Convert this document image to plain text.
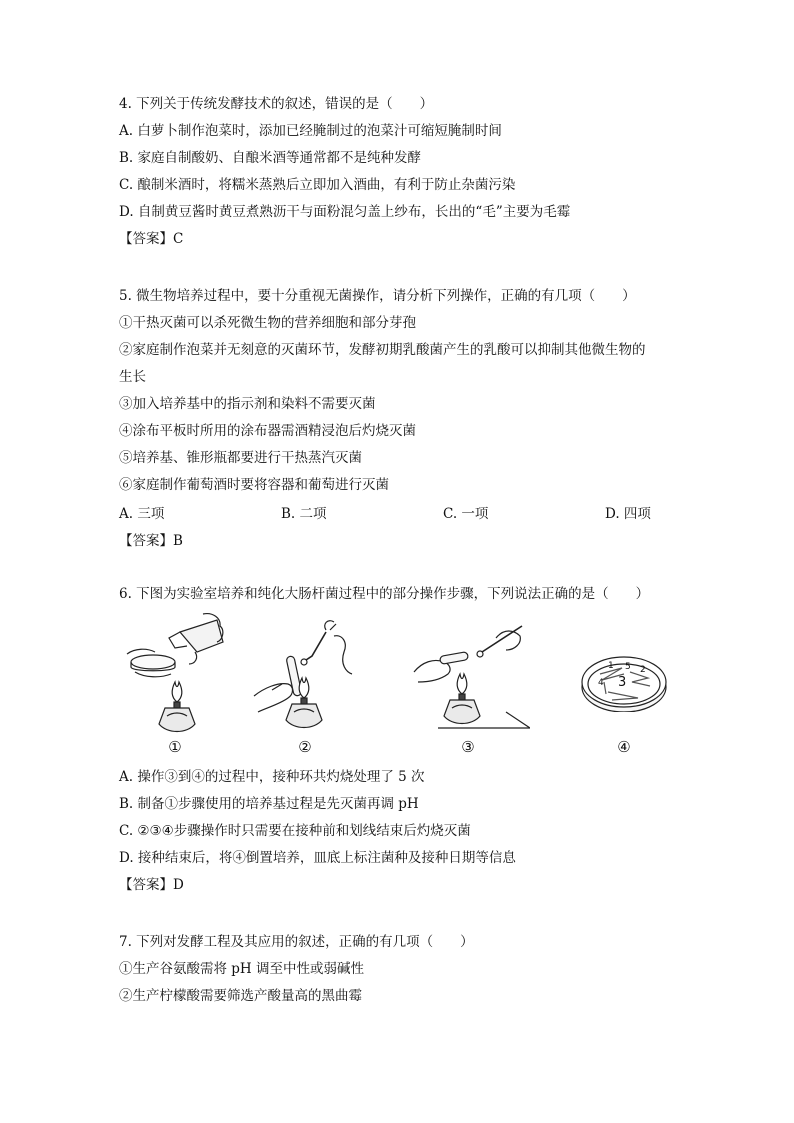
4. 下列关于传统发酵技术的叙述，错误的是（　　）
A. 白萝卜制作泡菜时，添加已经腌制过的泡菜汁可缩短腌制时间
B. 家庭自制酸奶、自酿米酒等通常都不是纯种发酵
C. 酿制米酒时，将糯米蒸熟后立即加入酒曲，有利于防止杂菌污染
D. 自制黄豆酱时黄豆煮熟沥干与面粉混匀盖上纱布，长出的“毛”主要为毛霉
【答案】C
5. 微生物培养过程中，要十分重视无菌操作，请分析下列操作，正确的有几项（　　）
①干热灭菌可以杀死微生物的营养细胞和部分芽孢
②家庭制作泡菜并无刻意的灭菌环节，发酵初期乳酸菌产生的乳酸可以抑制其他微生物的
生长
③加入培养基中的指示剂和染料不需要灭菌
④涂布平板时所用的涂布器需酒精浸泡后灼烧灭菌
⑤培养基、锥形瓶都要进行干热蒸汽灭菌
⑥家庭制作葡萄酒时要将容器和葡萄进行灭菌
A. 三项	B. 二项	C. 一项	D. 四项
【答案】B
6. 下图为实验室培养和纯化大肠杆菌过程中的部分操作步骤，下列说法正确的是（　　）
①	②	③
1	2
3
4
5
④
A. 操作③到④的过程中，接种环共灼烧处理了 5 次
B. 制备①步骤使用的培养基过程是先灭菌再调 pH
C. ②③④步骤操作时只需要在接种前和划线结束后灼烧灭菌
D. 接种结束后，将④倒置培养，皿底上标注菌种及接种日期等信息
【答案】D
7. 下列对发酵工程及其应用的叙述，正确的有几项（　　）
①生产谷氨酸需将 pH 调至中性或弱碱性
②生产柠檬酸需要筛选产酸量高的黑曲霉
